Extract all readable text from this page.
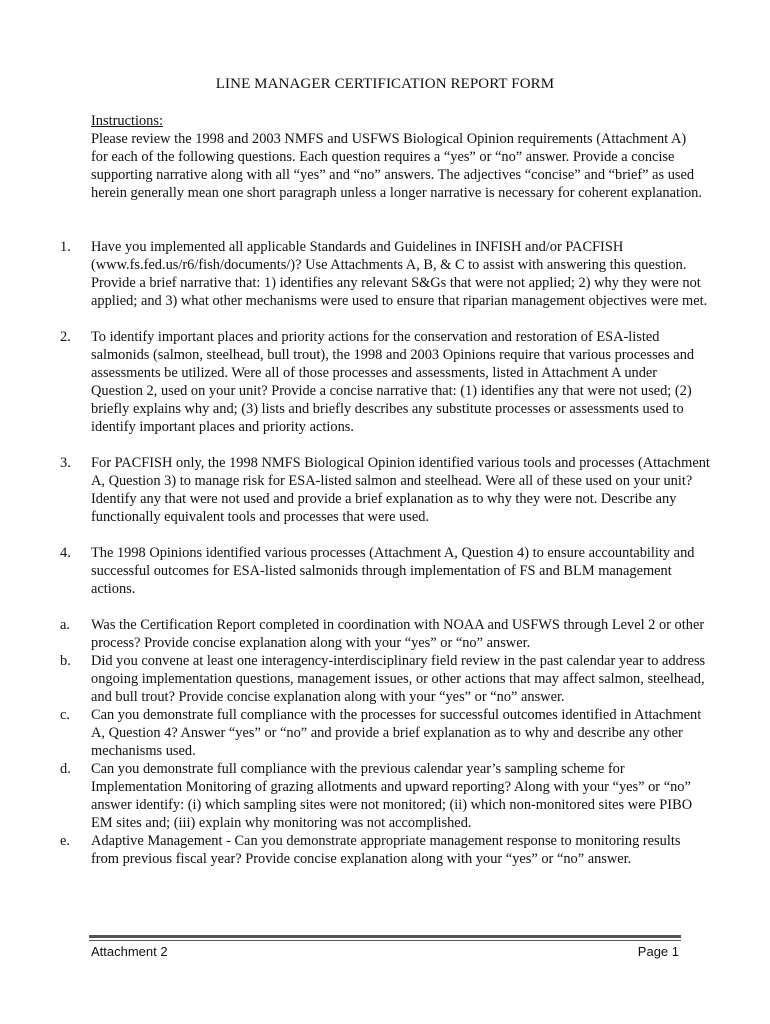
LINE MANAGER CERTIFICATION REPORT FORM
Instructions:
Please review the 1998 and 2003 NMFS and USFWS Biological Opinion requirements (Attachment A) for each of the following questions. Each question requires a “yes” or “no” answer. Provide a concise supporting narrative along with all “yes” and “no” answers. The adjectives “concise” and “brief” as used herein generally mean one short paragraph unless a longer narrative is necessary for coherent explanation.
1.	Have you implemented all applicable Standards and Guidelines in INFISH and/or PACFISH (www.fs.fed.us/r6/fish/documents/)? Use Attachments A, B, & C to assist with answering this question. Provide a brief narrative that: 1) identifies any relevant S&Gs that were not applied; 2) why they were not applied; and 3) what other mechanisms were used to ensure that riparian management objectives were met.
2.	To identify important places and priority actions for the conservation and restoration of ESA-listed salmonids (salmon, steelhead, bull trout), the 1998 and 2003 Opinions require that various processes and assessments be utilized. Were all of those processes and assessments, listed in Attachment A under Question 2, used on your unit? Provide a concise narrative that: (1) identifies any that were not used; (2) briefly explains why and; (3) lists and briefly describes any substitute processes or assessments used to identify important places and priority actions.
3.	For PACFISH only, the 1998 NMFS Biological Opinion identified various tools and processes (Attachment A, Question 3) to manage risk for ESA-listed salmon and steelhead. Were all of these used on your unit? Identify any that were not used and provide a brief explanation as to why they were not. Describe any functionally equivalent tools and processes that were used.
4.	The 1998 Opinions identified various processes (Attachment A, Question 4) to ensure accountability and successful outcomes for ESA-listed salmonids through implementation of FS and BLM management actions.
a.	Was the Certification Report completed in coordination with NOAA and USFWS through Level 2 or other process? Provide concise explanation along with your “yes” or “no” answer.
b.	Did you convene at least one interagency-interdisciplinary field review in the past calendar year to address ongoing implementation questions, management issues, or other actions that may affect salmon, steelhead, and bull trout? Provide concise explanation along with your “yes” or “no” answer.
c.	Can you demonstrate full compliance with the processes for successful outcomes identified in Attachment A, Question 4? Answer “yes” or “no” and provide a brief explanation as to why and describe any other mechanisms used.
d.	Can you demonstrate full compliance with the previous calendar year’s sampling scheme for Implementation Monitoring of grazing allotments and upward reporting? Along with your “yes” or “no” answer identify: (i) which sampling sites were not monitored; (ii) which non-monitored sites were PIBO EM sites and; (iii) explain why monitoring was not accomplished.
e.	Adaptive Management - Can you demonstrate appropriate management response to monitoring results from previous fiscal year? Provide concise explanation along with your “yes” or “no” answer.
Attachment 2	Page 1
